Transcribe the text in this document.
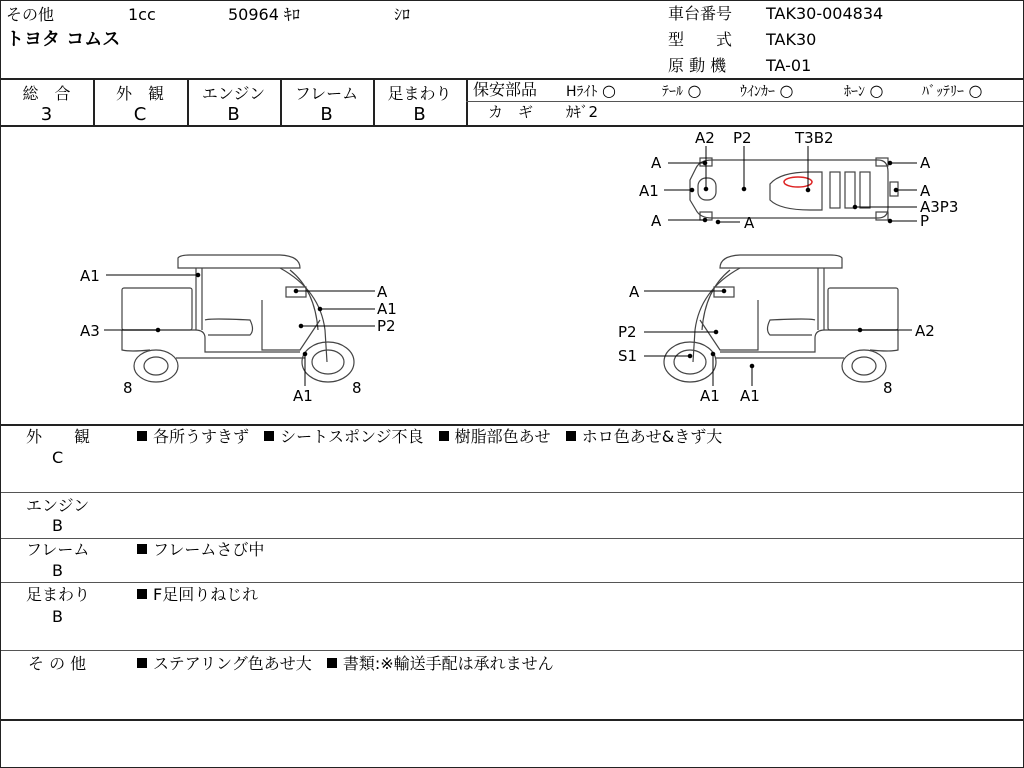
その他	1cc	50964 ｷﾛ	ｼﾛ
トヨタ コムス
車台番号 TAK30-004834
型　　式 TAK30
原 動 機 TA-01
総　合
3
外　観
C
エンジン
B
フレーム
B
足まわり
B
保安部品 Hﾗｲﾄ ○	ﾃｰﾙ ○	ｳｲﾝｶｰ ○	ﾎｰﾝ ○	ﾊﾞｯﾃﾘｰ ○
カ　ギ ｶｷﾞ2
A2 P2	T3B2
A
A1
A	A
A
A
A3P3
P
A1
A3
8	A1	8
A
A1
P2
A
P2
S1
A1 A1
A2
8
外　　観
C
各所うすきず シートスポンジ不良 樹脂部色あせ ホロ色あせ&きず大
エンジン
B
フレーム
B
フレームさび中
足まわり
B
F足回りねじれ
そ の 他	ステアリング色あせ大 書類:※輸送手配は承れません
